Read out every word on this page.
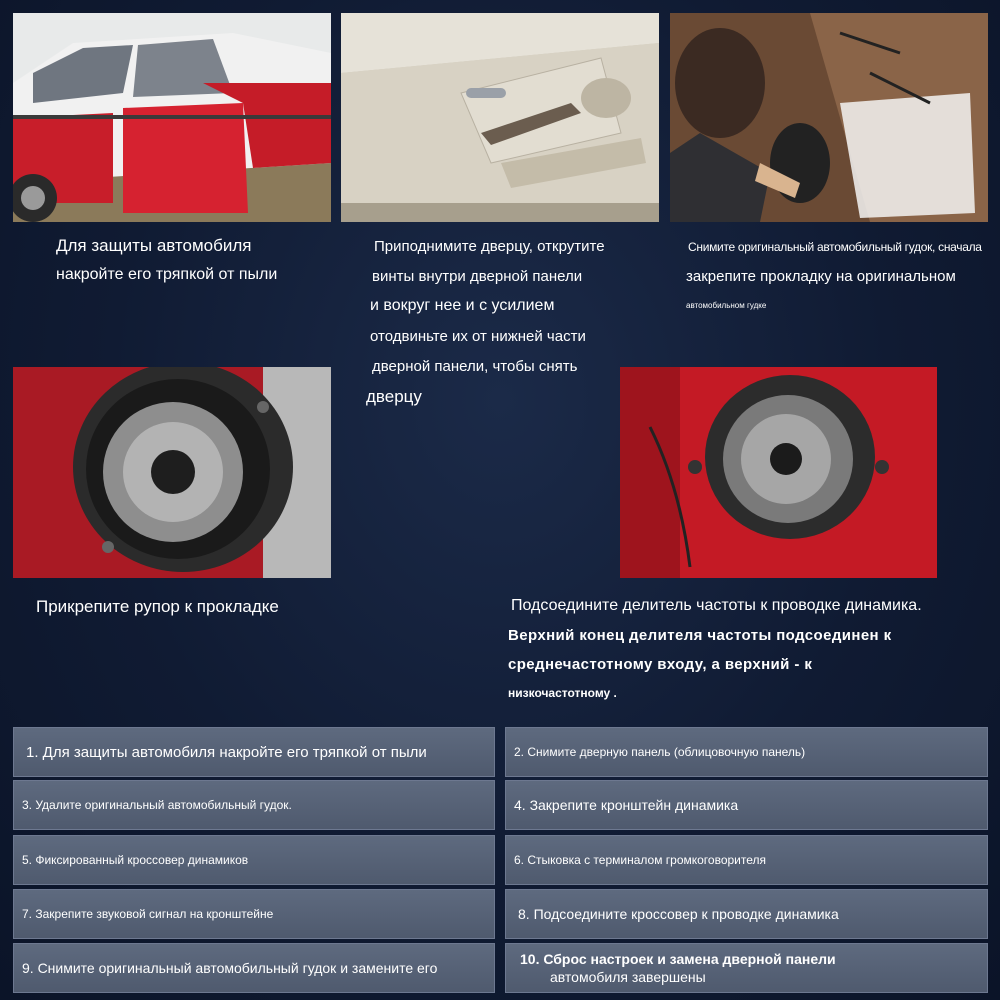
Для защиты автомобиля
накройте его тряпкой от пыли
Приподнимите дверцу, открутите
винты внутри дверной панели
и вокруг нее и с усилием
отодвиньте их от нижней части
дверной панели, чтобы снять
дверцу
Снимите оригинальный автомобильный гудок, сначала
закрепите прокладку на оригинальном
автомобильном гудке
Прикрепите рупор к прокладке	Подсоедините делитель частоты к проводке динамика.
Верхний конец делителя частоты подсоединен к
среднечастотному входу, а верхний - к
низкочастотному .
1. Для защиты автомобиля накройте его тряпкой от пыли	2. Снимите дверную панель (облицовочную панель)
3. Удалите оригинальный автомобильный гудок.	4. Закрепите кронштейн динамика
5. Фиксированный кроссовер динамиков	6. Стыковка с терминалом громкоговорителя
7. Закрепите звуковой сигнал на кронштейне	8. Подсоедините кроссовер к проводке динамика
9. Снимите оригинальный автомобильный гудок и замените его
10. Сброс настроек и замена дверной панели
автомобиля завершены
